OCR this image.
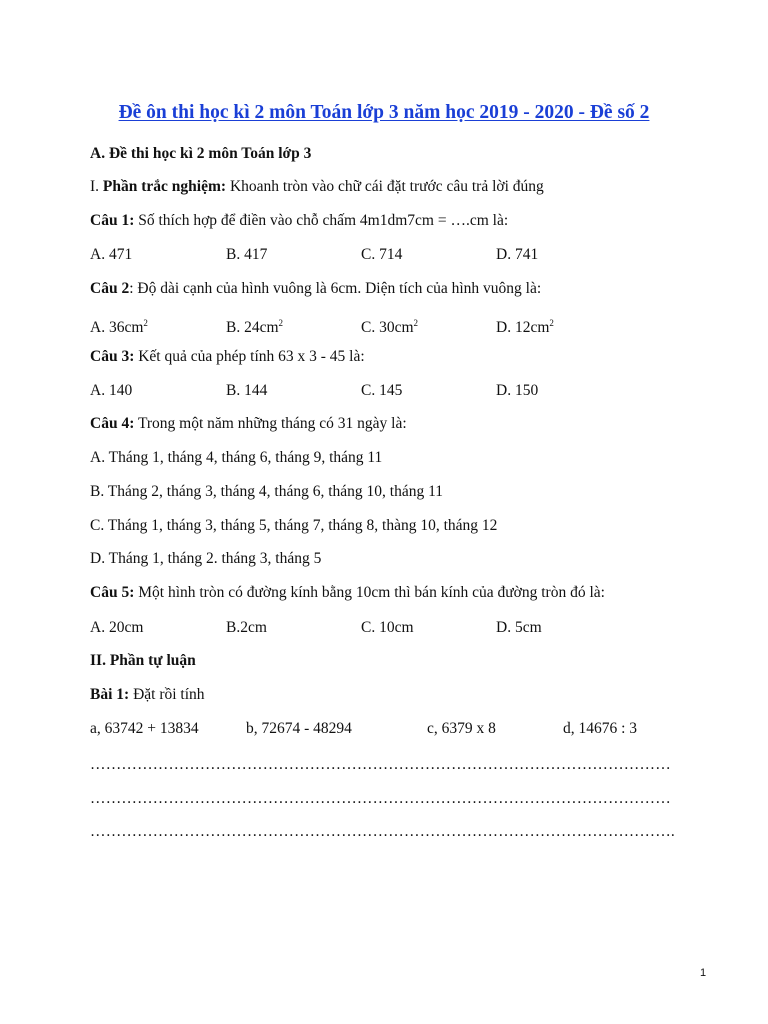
Đề ôn thi học kì 2 môn Toán lớp 3 năm học 2019 - 2020 - Đề số 2
A. Đề thi học kì 2 môn Toán lớp 3
I. Phần trắc nghiệm: Khoanh tròn vào chữ cái đặt trước câu trả lời đúng
Câu 1: Số thích hợp để điền vào chỗ chấm 4m1dm7cm = ….cm là:
A. 471	B. 417	C. 714	D. 741
Câu 2: Độ dài cạnh của hình vuông là 6cm. Diện tích của hình vuông là:
A. $36cm^2$	B. $24cm^2$	C. $30cm^2$	D. $12cm^2$
Câu 3: Kết quả của phép tính 63 x 3 - 45 là:
A. 140	B. 144	C. 145	D. 150
Câu 4: Trong một năm những tháng có 31 ngày là:
A. Tháng 1, tháng 4, tháng 6, tháng 9, tháng 11
B. Tháng 2, tháng 3, tháng 4, tháng 6, tháng 10, tháng 11
C. Tháng 1, tháng 3, tháng 5, tháng 7, tháng 8, thàng 10, tháng 12
D. Tháng 1, tháng 2. tháng 3, tháng 5
Câu 5: Một hình tròn có đường kính bằng 10cm thì bán kính của đường tròn đó là:
A. 20cm	B.2cm	C. 10cm	D. 5cm
II. Phần tự luận
Bài 1: Đặt rồi tính
a, 63742 + 13834	b, 72674 - 48294	c, 6379 x 8	d, 14676 : 3
…………………………………………………………………………………………………
…………………………………………………………………………………………………
………………………………………………………………………………………………….
1
